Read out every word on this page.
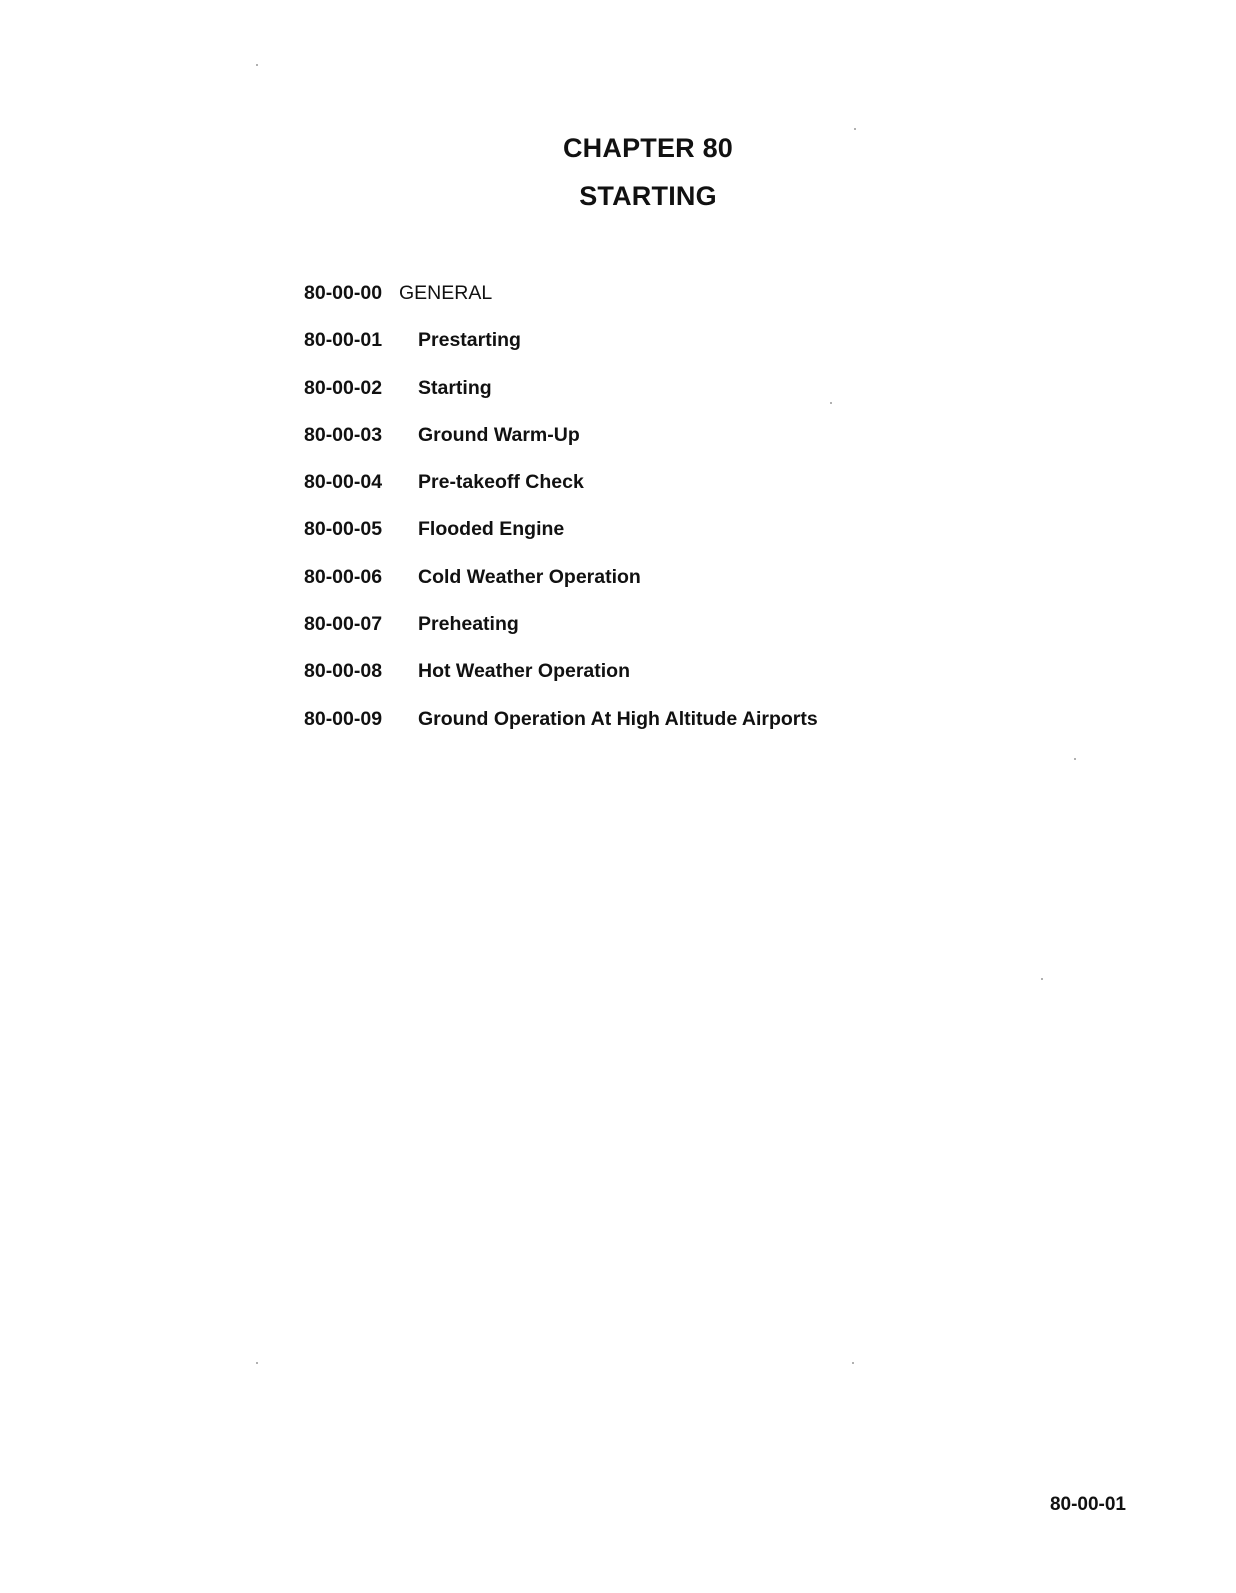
CHAPTER 80
STARTING
80-00-00 GENERAL
80-00-01 Prestarting
80-00-02 Starting
80-00-03 Ground Warm-Up
80-00-04 Pre-takeoff Check
80-00-05 Flooded Engine
80-00-06 Cold Weather Operation
80-00-07 Preheating
80-00-08 Hot Weather Operation
80-00-09 Ground Operation At High Altitude Airports
80-00-01
